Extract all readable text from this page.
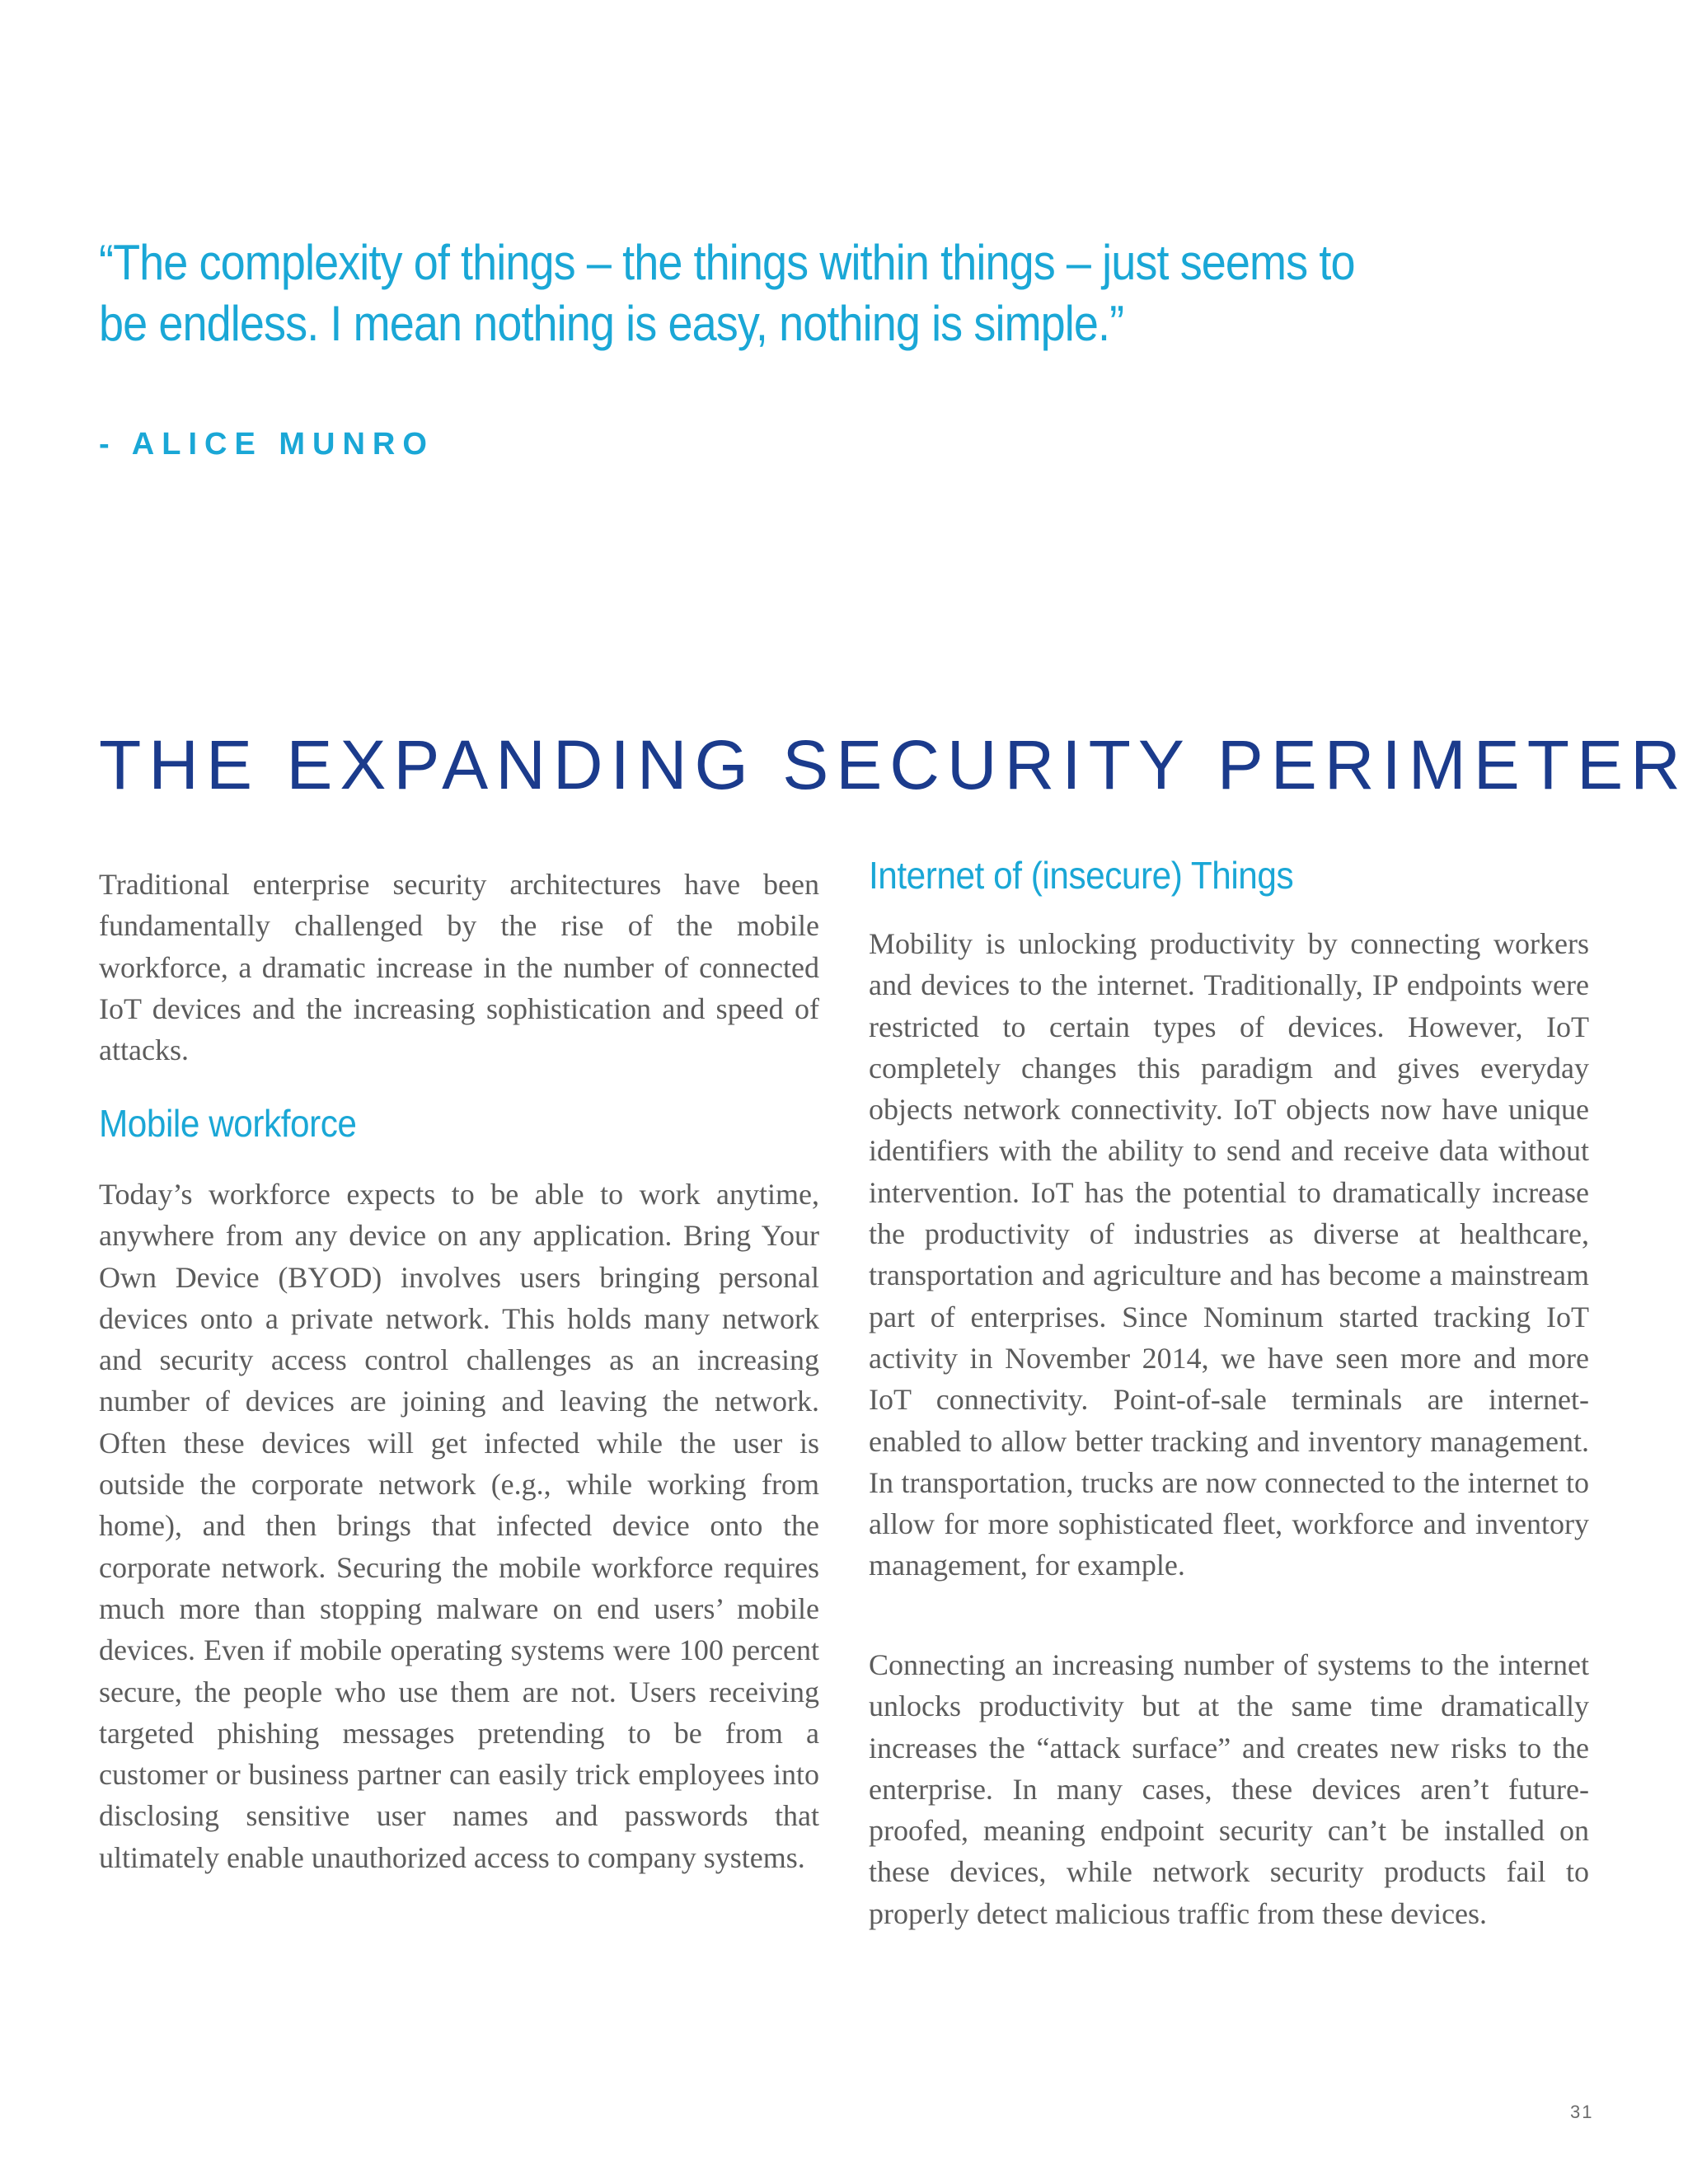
“The complexity of things – the things within things – just seems to be endless. I mean nothing is easy, nothing is simple.”

- ALICE MUNRO

THE EXPANDING SECURITY PERIMETER

Traditional enterprise security architectures have been fundamentally challenged by the rise of the mobile workforce, a dramatic increase in the number of connected IoT devices and the increasing sophistication and speed of attacks.

Mobile workforce

Today’s workforce expects to be able to work anytime, anywhere from any device on any application. Bring Your Own Device (BYOD) involves users bringing personal devices onto a private network. This holds many network and security access control challenges as an increasing number of devices are joining and leaving the network. Often these devices will get infected while the user is outside the corporate network (e.g., while working from home), and then brings that infected device onto the corporate network. Securing the mobile workforce requires much more than stopping malware on end users’ mobile devices. Even if mobile operating systems were 100 percent secure, the people who use them are not. Users receiving targeted phishing messages pretending to be from a customer or business partner can easily trick employees into disclosing sensitive user names and passwords that ultimately enable unauthorized access to company systems.

Internet of (insecure) Things

Mobility is unlocking productivity by connecting workers and devices to the internet. Traditionally, IP endpoints were restricted to certain types of devices. However, IoT completely changes this paradigm and gives everyday objects network connectivity. IoT objects now have unique identifiers with the ability to send and receive data without intervention. IoT has the potential to dramatically increase the productivity of industries as diverse at healthcare, transportation and agriculture and has become a mainstream part of enterprises. Since Nominum started tracking IoT activity in November 2014, we have seen more and more IoT connectivity. Point-of-sale terminals are internet-enabled to allow better tracking and inventory management. In transportation, trucks are now connected to the internet to allow for more sophisticated fleet, workforce and inventory management, for example.

Connecting an increasing number of systems to the internet unlocks productivity but at the same time dramatically increases the “attack surface” and creates new risks to the enterprise. In many cases, these devices aren’t future-proofed, meaning endpoint security can’t be installed on these devices, while network security products fail to properly detect malicious traffic from these devices.

31
